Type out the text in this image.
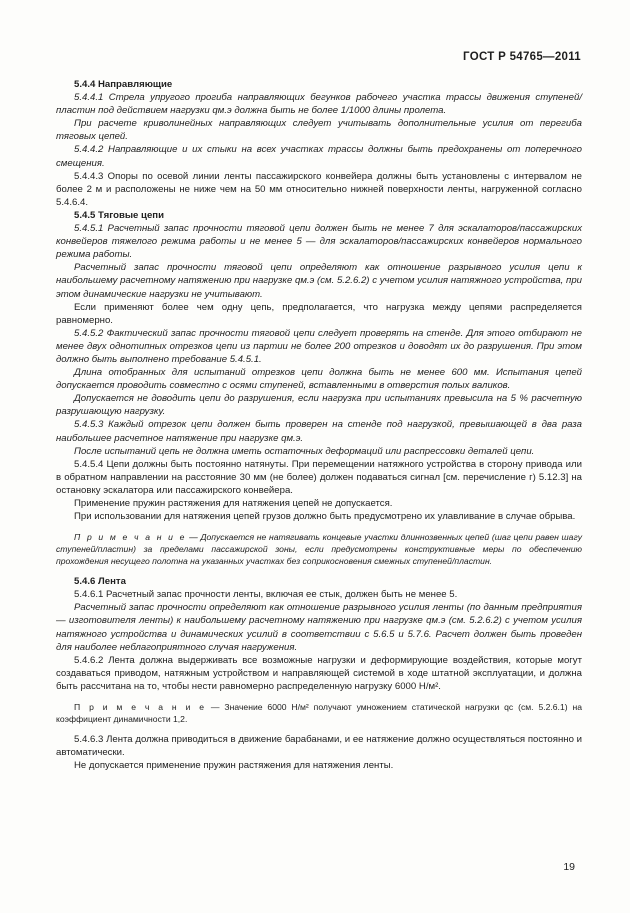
ГОСТ Р 54765—2011

5.4.4 Направляющие

5.4.4.1 Стрела упругого прогиба направляющих бегунков рабочего участка трассы движения ступеней/пластин под действием нагрузки qм.э должна быть не более 1/1000 длины пролета.

При расчете криволинейных направляющих следует учитывать дополнительные усилия от перегиба тяговых цепей.

5.4.4.2 Направляющие и их стыки на всех участках трассы должны быть предохранены от поперечного смещения.

5.4.4.3 Опоры по осевой линии ленты пассажирского конвейера должны быть установлены с интервалом не более 2 м и расположены не ниже чем на 50 мм относительно нижней поверхности ленты, нагруженной согласно 5.4.6.4.

5.4.5 Тяговые цепи

5.4.5.1 Расчетный запас прочности тяговой цепи должен быть не менее 7 для эскалаторов/пассажирских конвейеров тяжелого режима работы и не менее 5 — для эскалаторов/пассажирских конвейеров нормального режима работы.

Расчетный запас прочности тяговой цепи определяют как отношение разрывного усилия цепи к наибольшему расчетному натяжению при нагрузке qм.э (см. 5.2.6.2) с учетом усилия натяжного устройства, при этом динамические нагрузки не учитывают.

Если применяют более чем одну цепь, предполагается, что нагрузка между цепями распределяется равномерно.

5.4.5.2 Фактический запас прочности тяговой цепи следует проверять на стенде. Для этого отбирают не менее двух однотипных отрезков цепи из партии не более 200 отрезков и доводят их до разрушения. При этом должно быть выполнено требование 5.4.5.1.

Длина отобранных для испытаний отрезков цепи должна быть не менее 600 мм. Испытания цепей допускается проводить совместно с осями ступеней, вставленными в отверстия полых валиков.

Допускается не доводить цепи до разрушения, если нагрузка при испытаниях превысила на 5 % расчетную разрушающую нагрузку.

5.4.5.3 Каждый отрезок цепи должен быть проверен на стенде под нагрузкой, превышающей в два раза наибольшее расчетное натяжение при нагрузке qм.э.

После испытаний цепь не должна иметь остаточных деформаций или распрессовки деталей цепи.

5.4.5.4 Цепи должны быть постоянно натянуты. При перемещении натяжного устройства в сторону привода или в обратном направлении на расстояние 30 мм (не более) должен подаваться сигнал [см. перечисление г) 5.12.3] на остановку эскалатора или пассажирского конвейера.

Применение пружин растяжения для натяжения цепей не допускается.

При использовании для натяжения цепей грузов должно быть предусмотрено их улавливание в случае обрыва.

П р и м е ч а н и е — Допускается не натягивать концевые участки длиннозвенных цепей (шаг цепи равен шагу ступеней/пластин) за пределами пассажирской зоны, если предусмотрены конструктивные меры по обеспечению прохождения несущего полотна на указанных участках без соприкосновения смежных ступеней/пластин.

5.4.6 Лента

5.4.6.1 Расчетный запас прочности ленты, включая ее стык, должен быть не менее 5.

Расчетный запас прочности определяют как отношение разрывного усилия ленты (по данным предприятия — изготовителя ленты) к наибольшему расчетному натяжению при нагрузке qм.э (см. 5.2.6.2) с учетом усилия натяжного устройства и динамических усилий в соответствии с 5.6.5 и 5.7.6. Расчет должен быть проведен для наиболее неблагоприятного случая нагружения.

5.4.6.2 Лента должна выдерживать все возможные нагрузки и деформирующие воздействия, которые могут создаваться приводом, натяжным устройством и направляющей системой в ходе штатной эксплуатации, и должна быть рассчитана на то, чтобы нести равномерно распределенную нагрузку 6000 Н/м².

П р и м е ч а н и е — Значение 6000 Н/м² получают умножением статической нагрузки qс (см. 5.2.6.1) на коэффициент динамичности 1,2.

5.4.6.3 Лента должна приводиться в движение барабанами, и ее натяжение должно осуществляться постоянно и автоматически.

Не допускается применение пружин растяжения для натяжения ленты.

19
